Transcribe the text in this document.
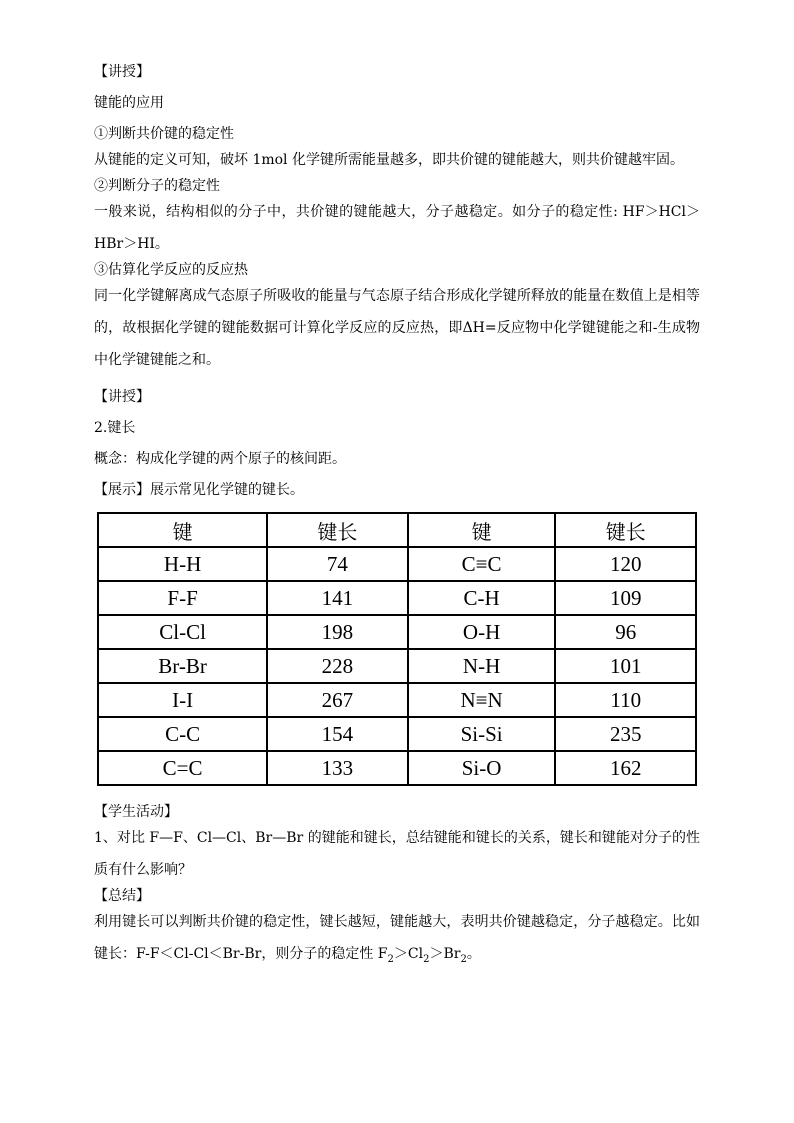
【讲授】
键能的应用
①判断共价键的稳定性
从键能的定义可知，破坏 1mol 化学键所需能量越多，即共价键的键能越大，则共价键越牢固。
②判断分子的稳定性
一般来说，结构相似的分子中，共价键的键能越大，分子越稳定。如分子的稳定性: HF＞HCl＞HBr＞HI。
③估算化学反应的反应热
同一化学键解离成气态原子所吸收的能量与气态原子结合形成化学键所释放的能量在数值上是相等的，故根据化学键的键能数据可计算化学反应的反应热，即ΔH=反应物中化学键键能之和-生成物中化学键键能之和。
【讲授】
2.键长
概念：构成化学键的两个原子的核间距。
【展示】展示常见化学键的键长。
键	键长	键	键长
H-H	74	C≡C	120
F-F	141	C-H	109
Cl-Cl	198	O-H	96
Br-Br	228	N-H	101
I-I	267	N≡N	110
C-C	154	Si-Si	235
C=C	133	Si-O	162
【学生活动】
1、对比 F—F、Cl—Cl、Br—Br 的键能和键长，总结键能和键长的关系，键长和键能对分子的性质有什么影响？
【总结】
利用键长可以判断共价键的稳定性，键长越短，键能越大，表明共价键越稳定，分子越稳定。比如键长：F-F＜Cl-Cl＜Br-Br，则分子的稳定性 $F_2>Cl_2>Br_2$。
